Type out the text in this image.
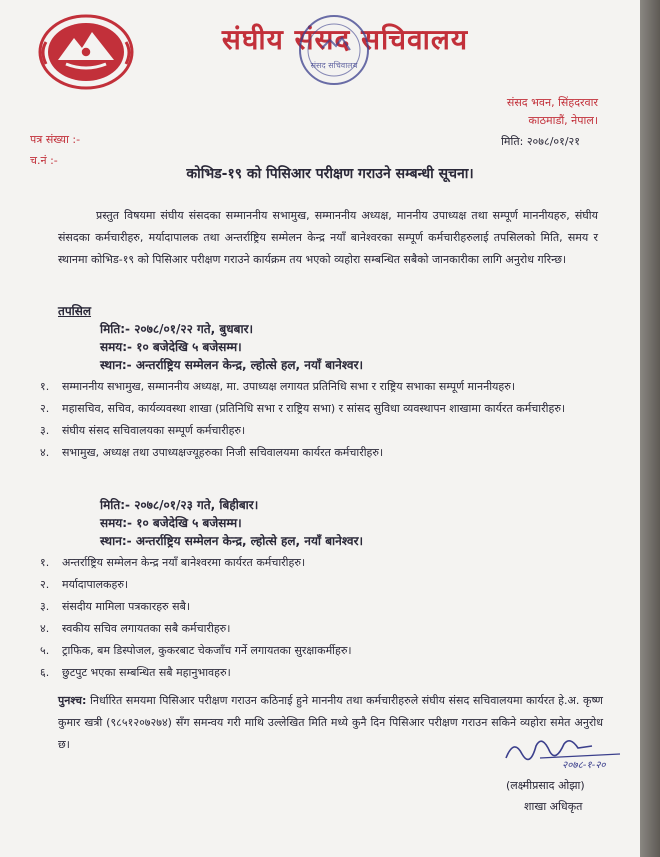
संघीय संसद सचिवालय
संसद सचिवालय
संसद भवन, सिंहदरवार
काठमाडौं, नेपाल।
पत्र संख्या :-
च.नं :-
मिति: २०७८/०१/२१
कोभिड-१९ को पिसिआर परीक्षण गराउने सम्बन्धी सूचना।
प्रस्तुत विषयमा संघीय संसदका सम्माननीय सभामुख, सम्माननीय अध्यक्ष, माननीय उपाध्यक्ष तथा सम्पूर्ण माननीयहरु, संघीय संसदका कर्मचारीहरु, मर्यादापालक तथा अन्तर्राष्ट्रिय सम्मेलन केन्द्र नयाँ बानेश्वरका सम्पूर्ण कर्मचारीहरुलाई तपसिलको मिति, समय र स्थानमा कोभिड-१९ को पिसिआर परीक्षण गराउने कार्यक्रम तय भएको व्यहोरा सम्बन्धित सबैको जानकारीका लागि अनुरोध गरिन्छ।
तपसिल
मिति:- २०७८/०१/२२ गते, बुधबार।
समय:- १० बजेदेखि ५ बजेसम्म।
स्थान:- अन्तर्राष्ट्रिय सम्मेलन केन्द्र, ल्होत्से हल, नयाँ बानेश्वर।
१.	सम्माननीय सभामुख, सम्माननीय अध्यक्ष, मा. उपाध्यक्ष लगायत प्रतिनिधि सभा र राष्ट्रिय सभाका सम्पूर्ण माननीयहरु।
२.	महासचिव, सचिव, कार्यव्यवस्था शाखा (प्रतिनिधि सभा र राष्ट्रिय सभा) र सांसद सुविधा व्यवस्थापन शाखामा कार्यरत कर्मचारीहरु।
३.	संघीय संसद सचिवालयका सम्पूर्ण कर्मचारीहरु।
४.	सभामुख, अध्यक्ष तथा उपाध्यक्षज्यूहरुका निजी सचिवालयमा कार्यरत कर्मचारीहरु।
मिति:- २०७८/०१/२३ गते, बिहीबार।
समय:- १० बजेदेखि ५ बजेसम्म।
स्थान:- अन्तर्राष्ट्रिय सम्मेलन केन्द्र, ल्होत्से हल, नयाँ बानेश्वर।
१.	अन्तर्राष्ट्रिय सम्मेलन केन्द्र नयाँ बानेश्वरमा कार्यरत कर्मचारीहरु।
२.	मर्यादापालकहरु।
३.	संसदीय मामिला पत्रकारहरु सबै।
४.	स्वकीय सचिव लगायतका सबै कर्मचारीहरु।
५.	ट्राफिक, बम डिस्पोजल, कुकरबाट चेकजाँच गर्ने लगायतका सुरक्षाकर्मीहरु।
६.	छुटपुट भएका सम्बन्धित सबै महानुभावहरु।
पुनश्च: निर्धारित समयमा पिसिआर परीक्षण गराउन कठिनाई हुने माननीय तथा कर्मचारीहरुले संघीय संसद सचिवालयमा कार्यरत हे.अ. कृष्ण कुमार खत्री (९८५१२०७२७४) सँग समन्वय गरी माथि उल्लेखित मिति मध्ये कुनै दिन पिसिआर परीक्षण गराउन सकिने व्यहोरा समेत अनुरोध छ।
२०७८-१-२०
(लक्ष्मीप्रसाद ओझा)
शाखा अधिकृत
